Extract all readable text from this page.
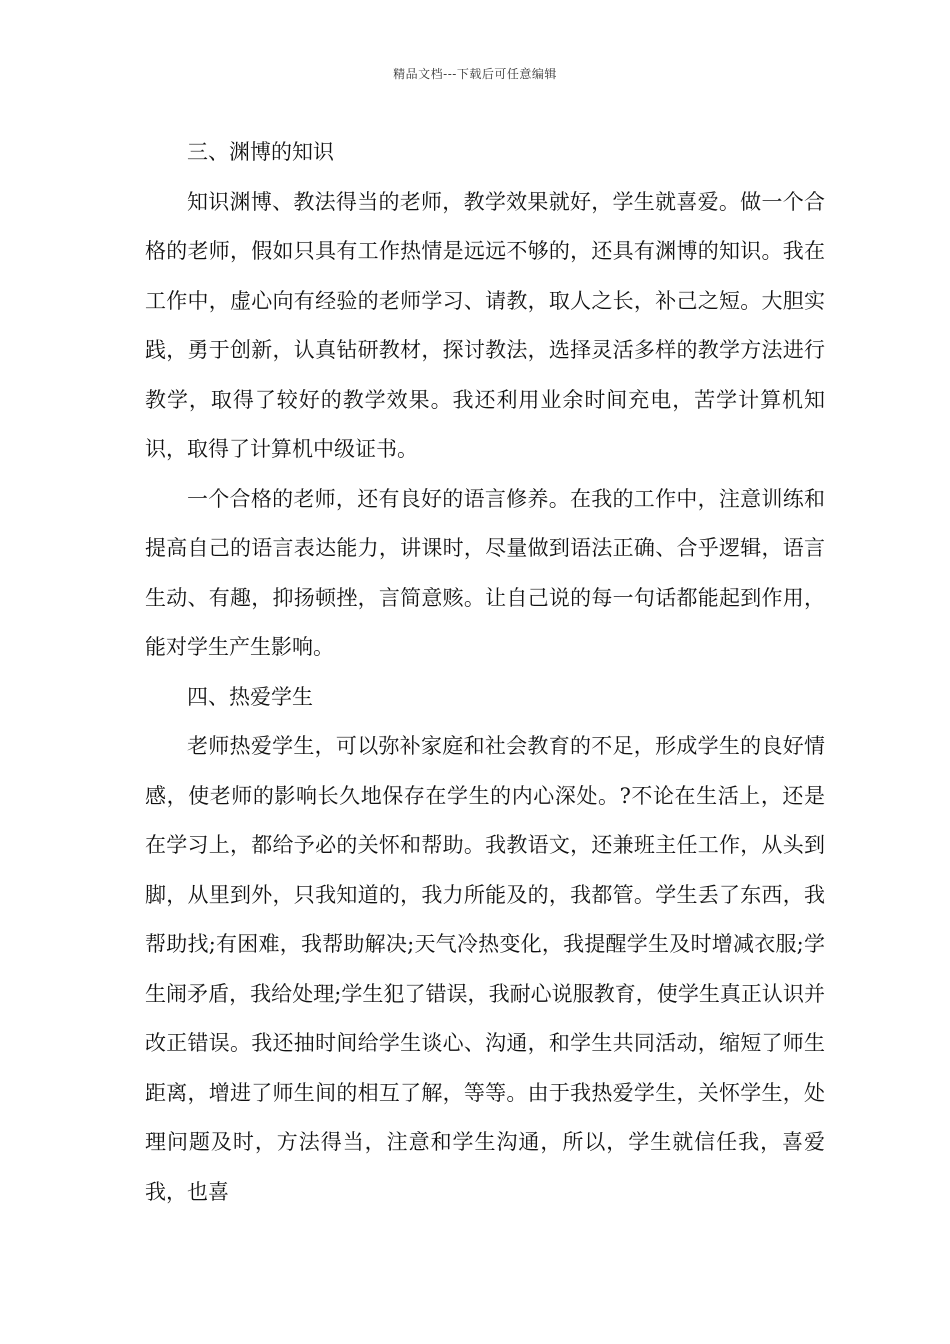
精品文档---下载后可任意编辑

三、渊博的知识

知识渊博、教法得当的老师，教学效果就好，学生就喜爱。做一个合格的老师，假如只具有工作热情是远远不够的，还具有渊博的知识。我在工作中，虚心向有经验的老师学习、请教，取人之长，补己之短。大胆实践，勇于创新，认真钻研教材，探讨教法，选择灵活多样的教学方法进行教学，取得了较好的教学效果。我还利用业余时间充电，苦学计算机知识，取得了计算机中级证书。

一个合格的老师，还有良好的语言修养。在我的工作中，注意训练和提高自己的语言表达能力，讲课时，尽量做到语法正确、合乎逻辑，语言生动、有趣，抑扬顿挫，言简意赅。让自己说的每一句话都能起到作用，能对学生产生影响。

四、热爱学生

老师热爱学生，可以弥补家庭和社会教育的不足，形成学生的良好情感，使老师的影响长久地保存在学生的内心深处。?不论在生活上，还是在学习上，都给予必的关怀和帮助。我教语文，还兼班主任工作，从头到脚，从里到外，只我知道的，我力所能及的，我都管。学生丢了东西，我帮助找;有困难，我帮助解决;天气冷热变化，我提醒学生及时增减衣服;学生闹矛盾，我给处理;学生犯了错误，我耐心说服教育，使学生真正认识并改正错误。我还抽时间给学生谈心、沟通，和学生共同活动，缩短了师生距离，增进了师生间的相互了解，等等。由于我热爱学生，关怀学生，处理问题及时，方法得当，注意和学生沟通，所以，学生就信任我，喜爱我，也喜
